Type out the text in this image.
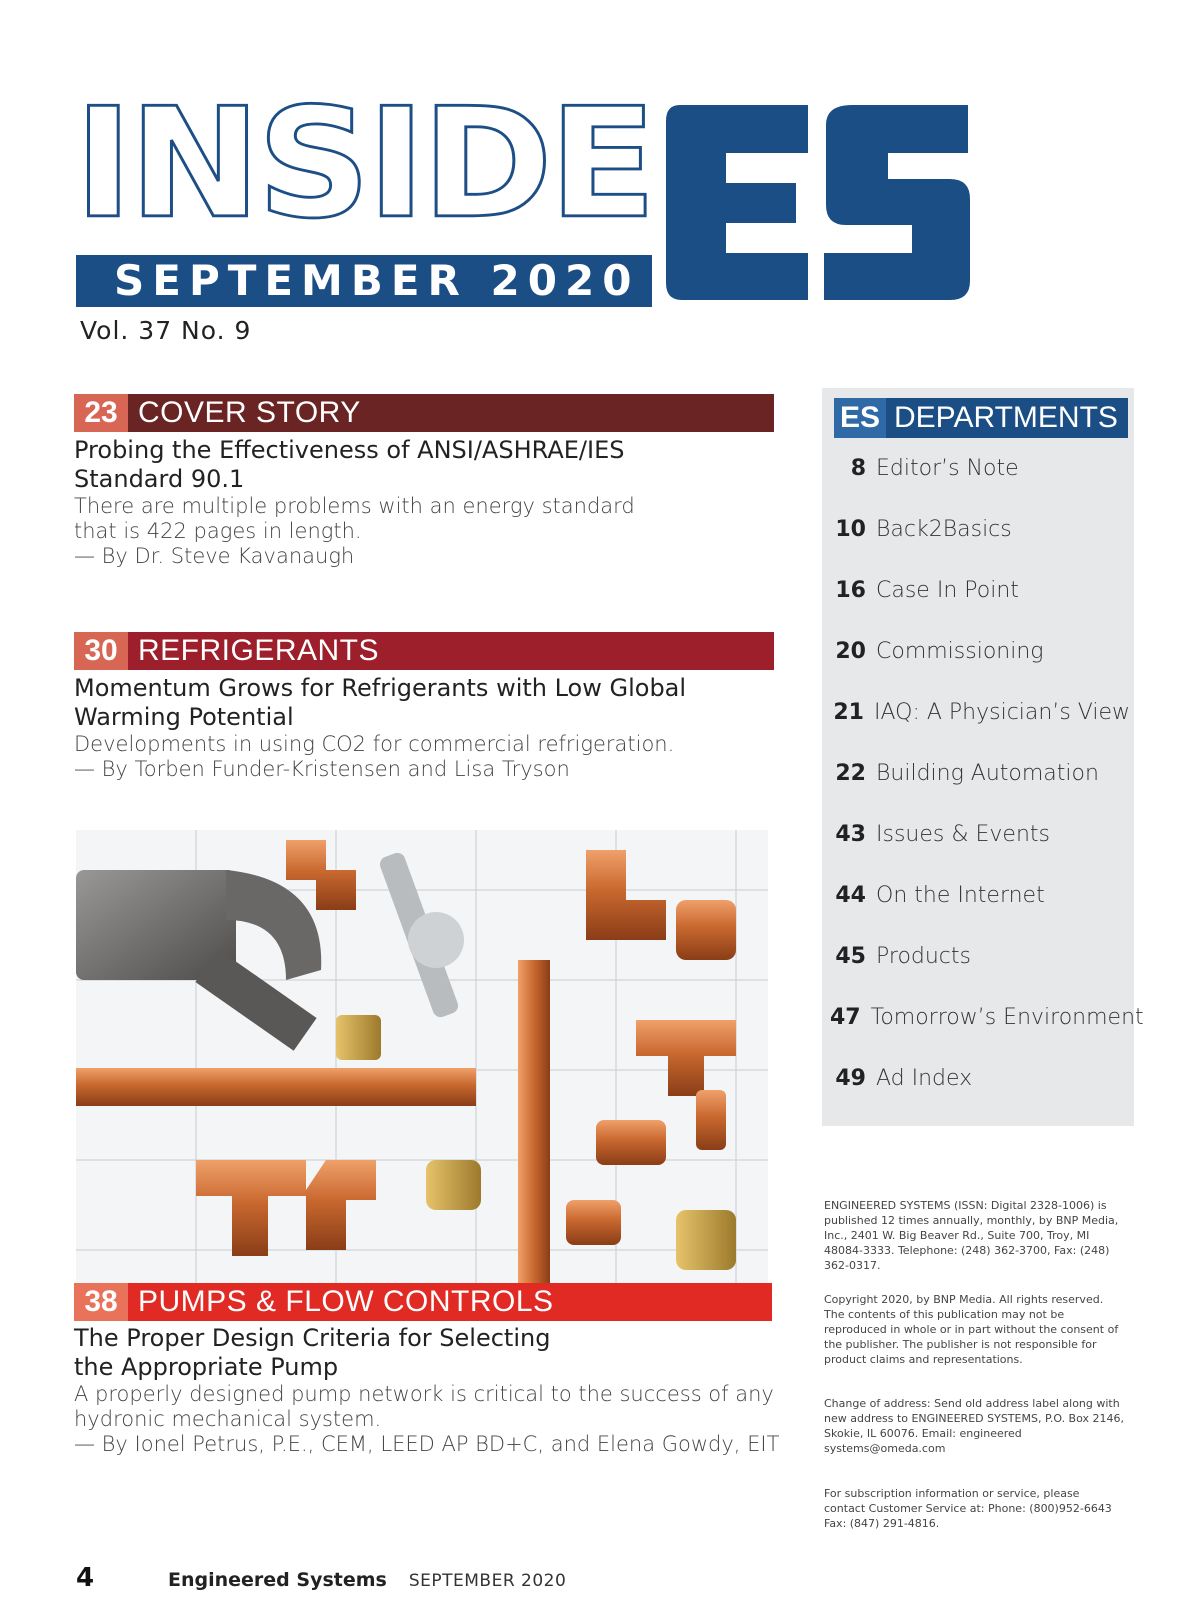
INSIDE
SEPTEMBER 2020
Vol. 37 No. 9
23 COVER STORY
Probing the Effectiveness of ANSI/ASHRAE/IES Standard 90.1
There are multiple problems with an energy standard that is 422 pages in length.
— By Dr. Steve Kavanaugh
30 REFRIGERANTS
Momentum Grows for Refrigerants with Low Global Warming Potential
Developments in using CO2 for commercial refrigeration.
— By Torben Funder-Kristensen and Lisa Tryson
38 PUMPS & FLOW CONTROLS
The Proper Design Criteria for Selecting the Appropriate Pump
A properly designed pump network is critical to the success of any hydronic mechanical system.
— By Ionel Petrus, P.E., CEM, LEED AP BD+C, and Elena Gowdy, EIT
ES DEPARTMENTS
8 Editor’s Note
10 Back2Basics
16 Case In Point
20 Commissioning
21 IAQ: A Physician’s View
22 Building Automation
43 Issues & Events
44 On the Internet
45 Products
47 Tomorrow’s Environment
49 Ad Index
ENGINEERED SYSTEMS (ISSN: Digital 2328-1006) is published 12 times annually, monthly, by BNP Media, Inc., 2401 W. Big Beaver Rd., Suite 700, Troy, MI 48084-3333. Telephone: (248) 362-3700, Fax: (248) 362-0317.
Copyright 2020, by BNP Media. All rights reserved. The contents of this publication may not be reproduced in whole or in part without the consent of the publisher. The publisher is not responsible for product claims and representations.
Change of address: Send old address label along with new address to ENGINEERED SYSTEMS, P.O. Box 2146, Skokie, IL 60076. Email: engineered systems@omeda.com
For subscription information or service, please contact Customer Service at: Phone: (800)952-6643 Fax: (847) 291-4816.
4	Engineered Systems SEPTEMBER 2020
